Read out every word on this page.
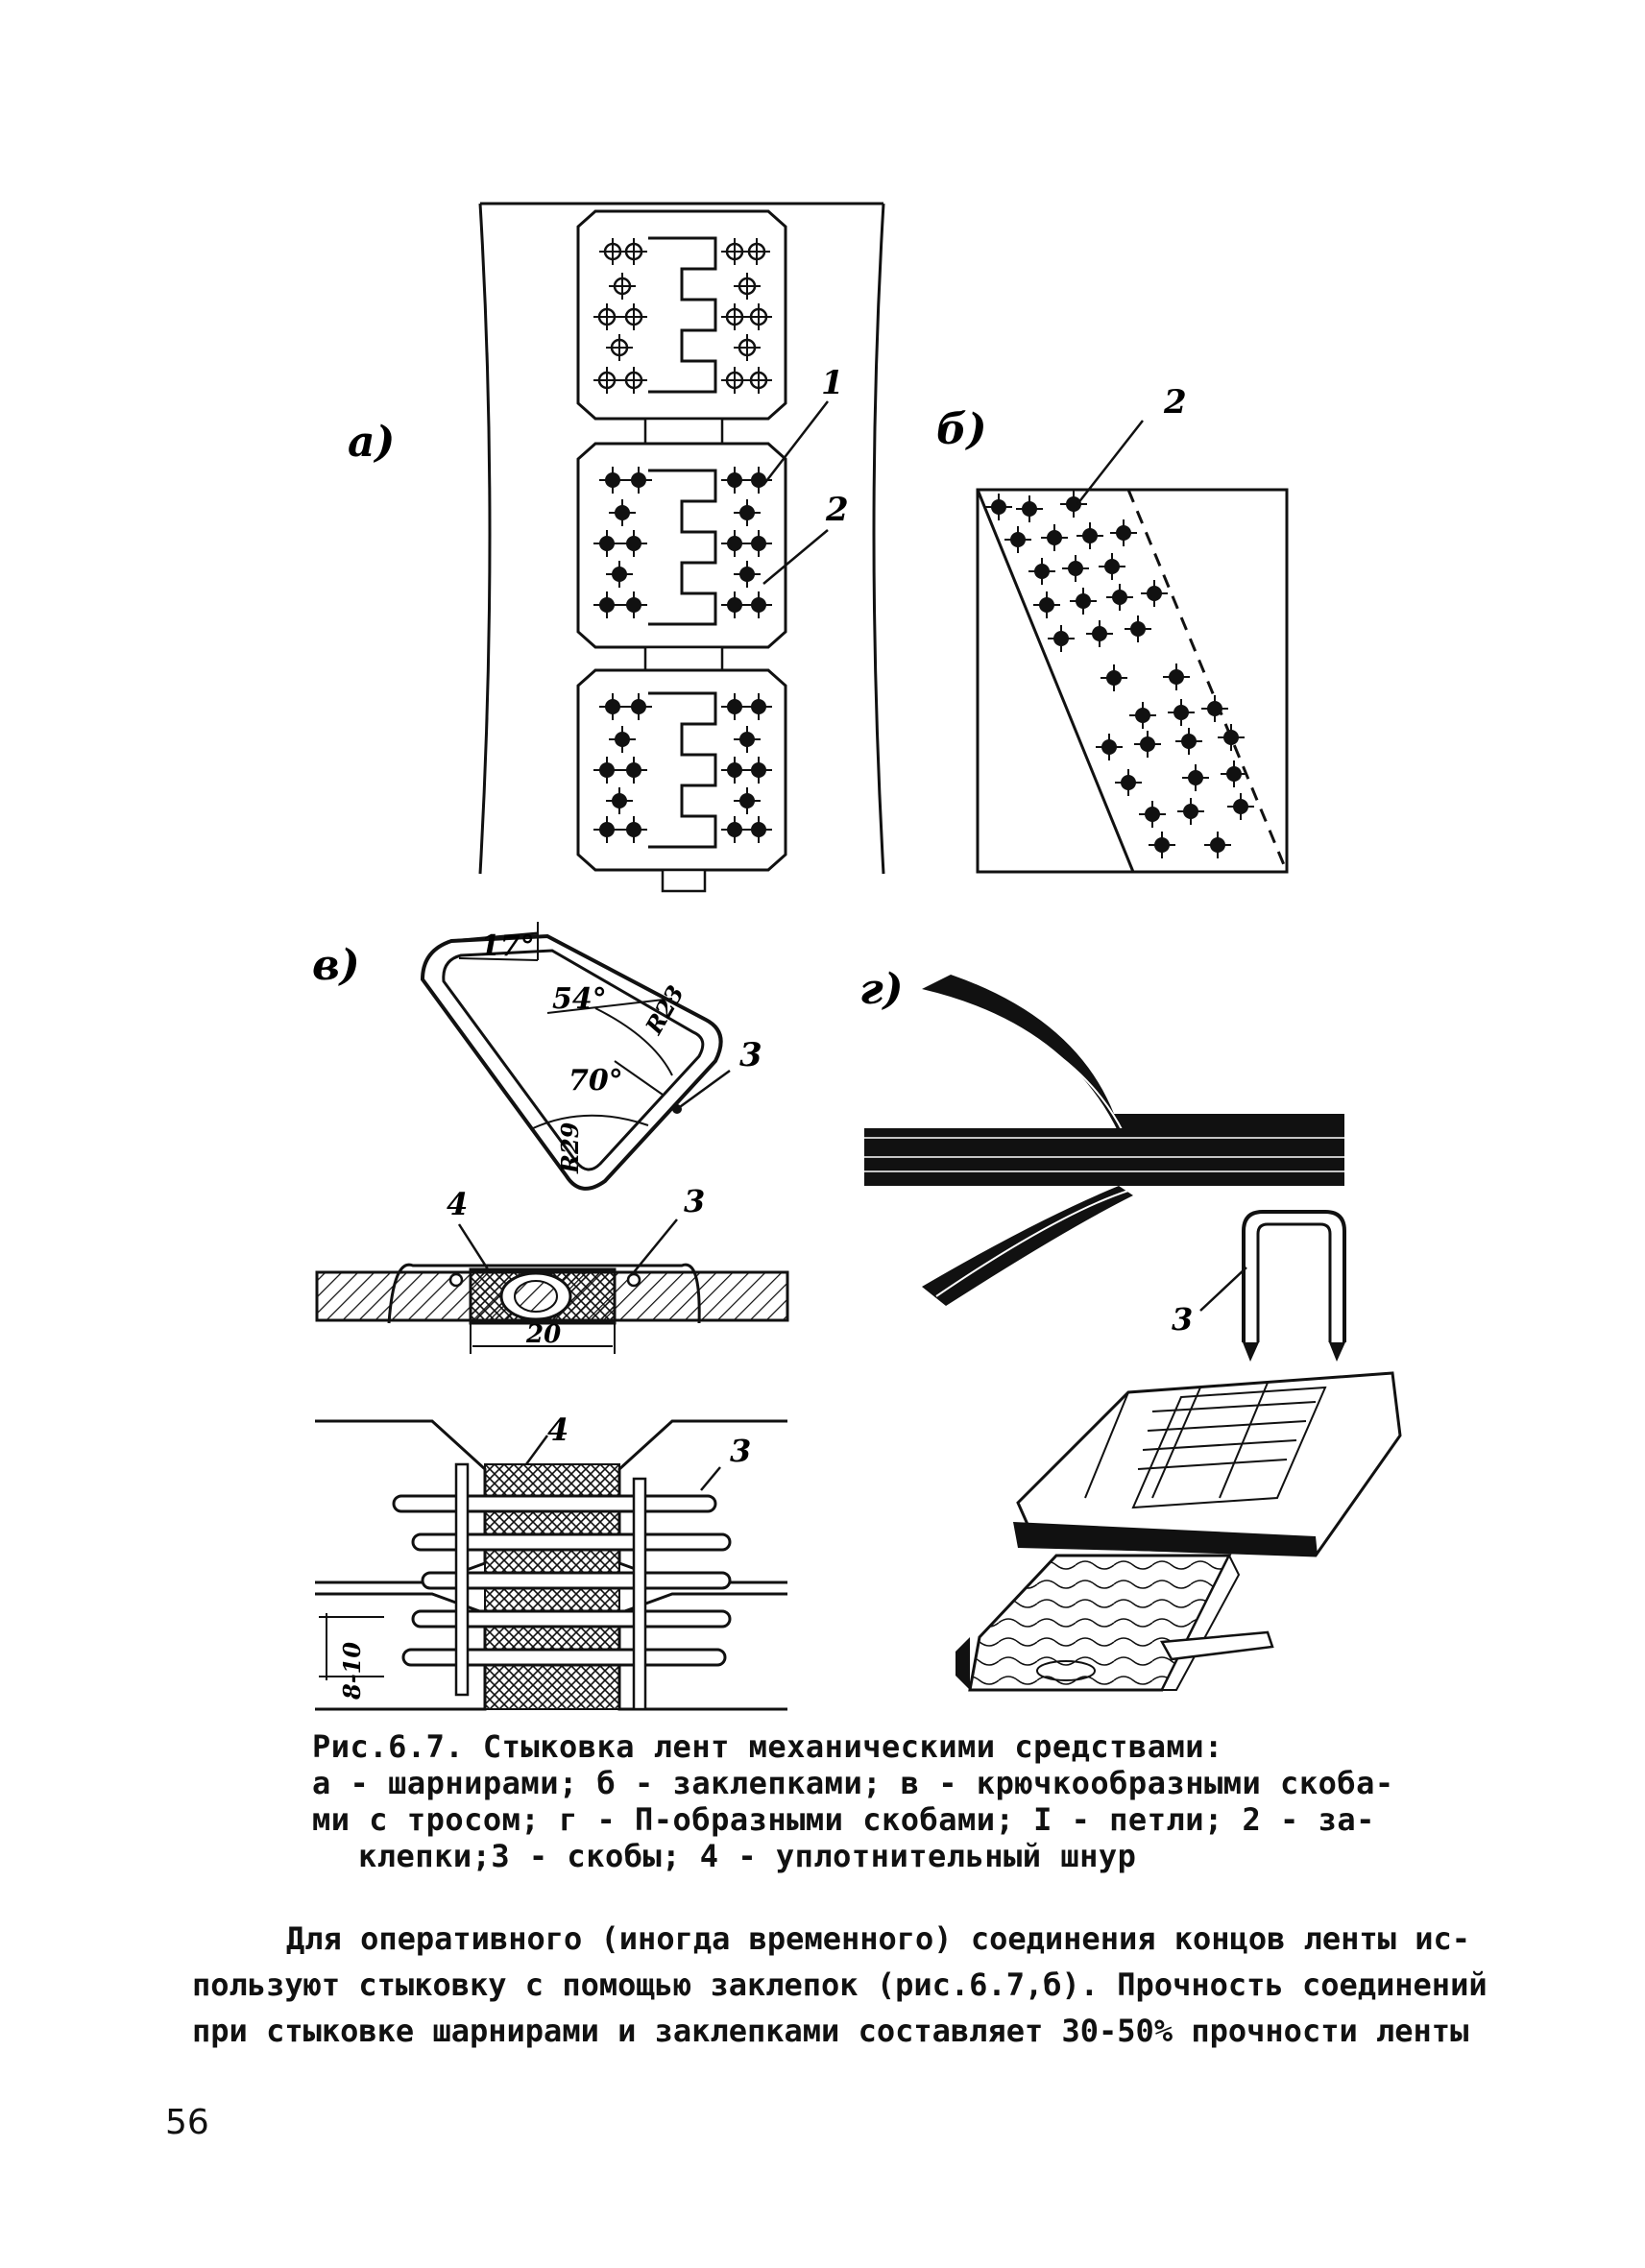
а)
1
2
б)
2
в)	17°
54° R23
70°
R29
3
20
4	3
8-10
4
3
г)
3
Рис.6.7. Стыковка лент механическими средствами:
а - шарнирами; б - заклепками; в - крючкообразными скоба-
ми с тросом; г - П-образными скобами; I - петли; 2 - за-
клепки;3 - скобы; 4 - уплотнительный шнур
Для оперативного (иногда временного) соединения концов ленты ис-
пользуют стыковку с помощью заклепок (рис.6.7,б). Прочность соединений
при стыковке шарнирами и заклепками составляет 30-50% прочности ленты
56
